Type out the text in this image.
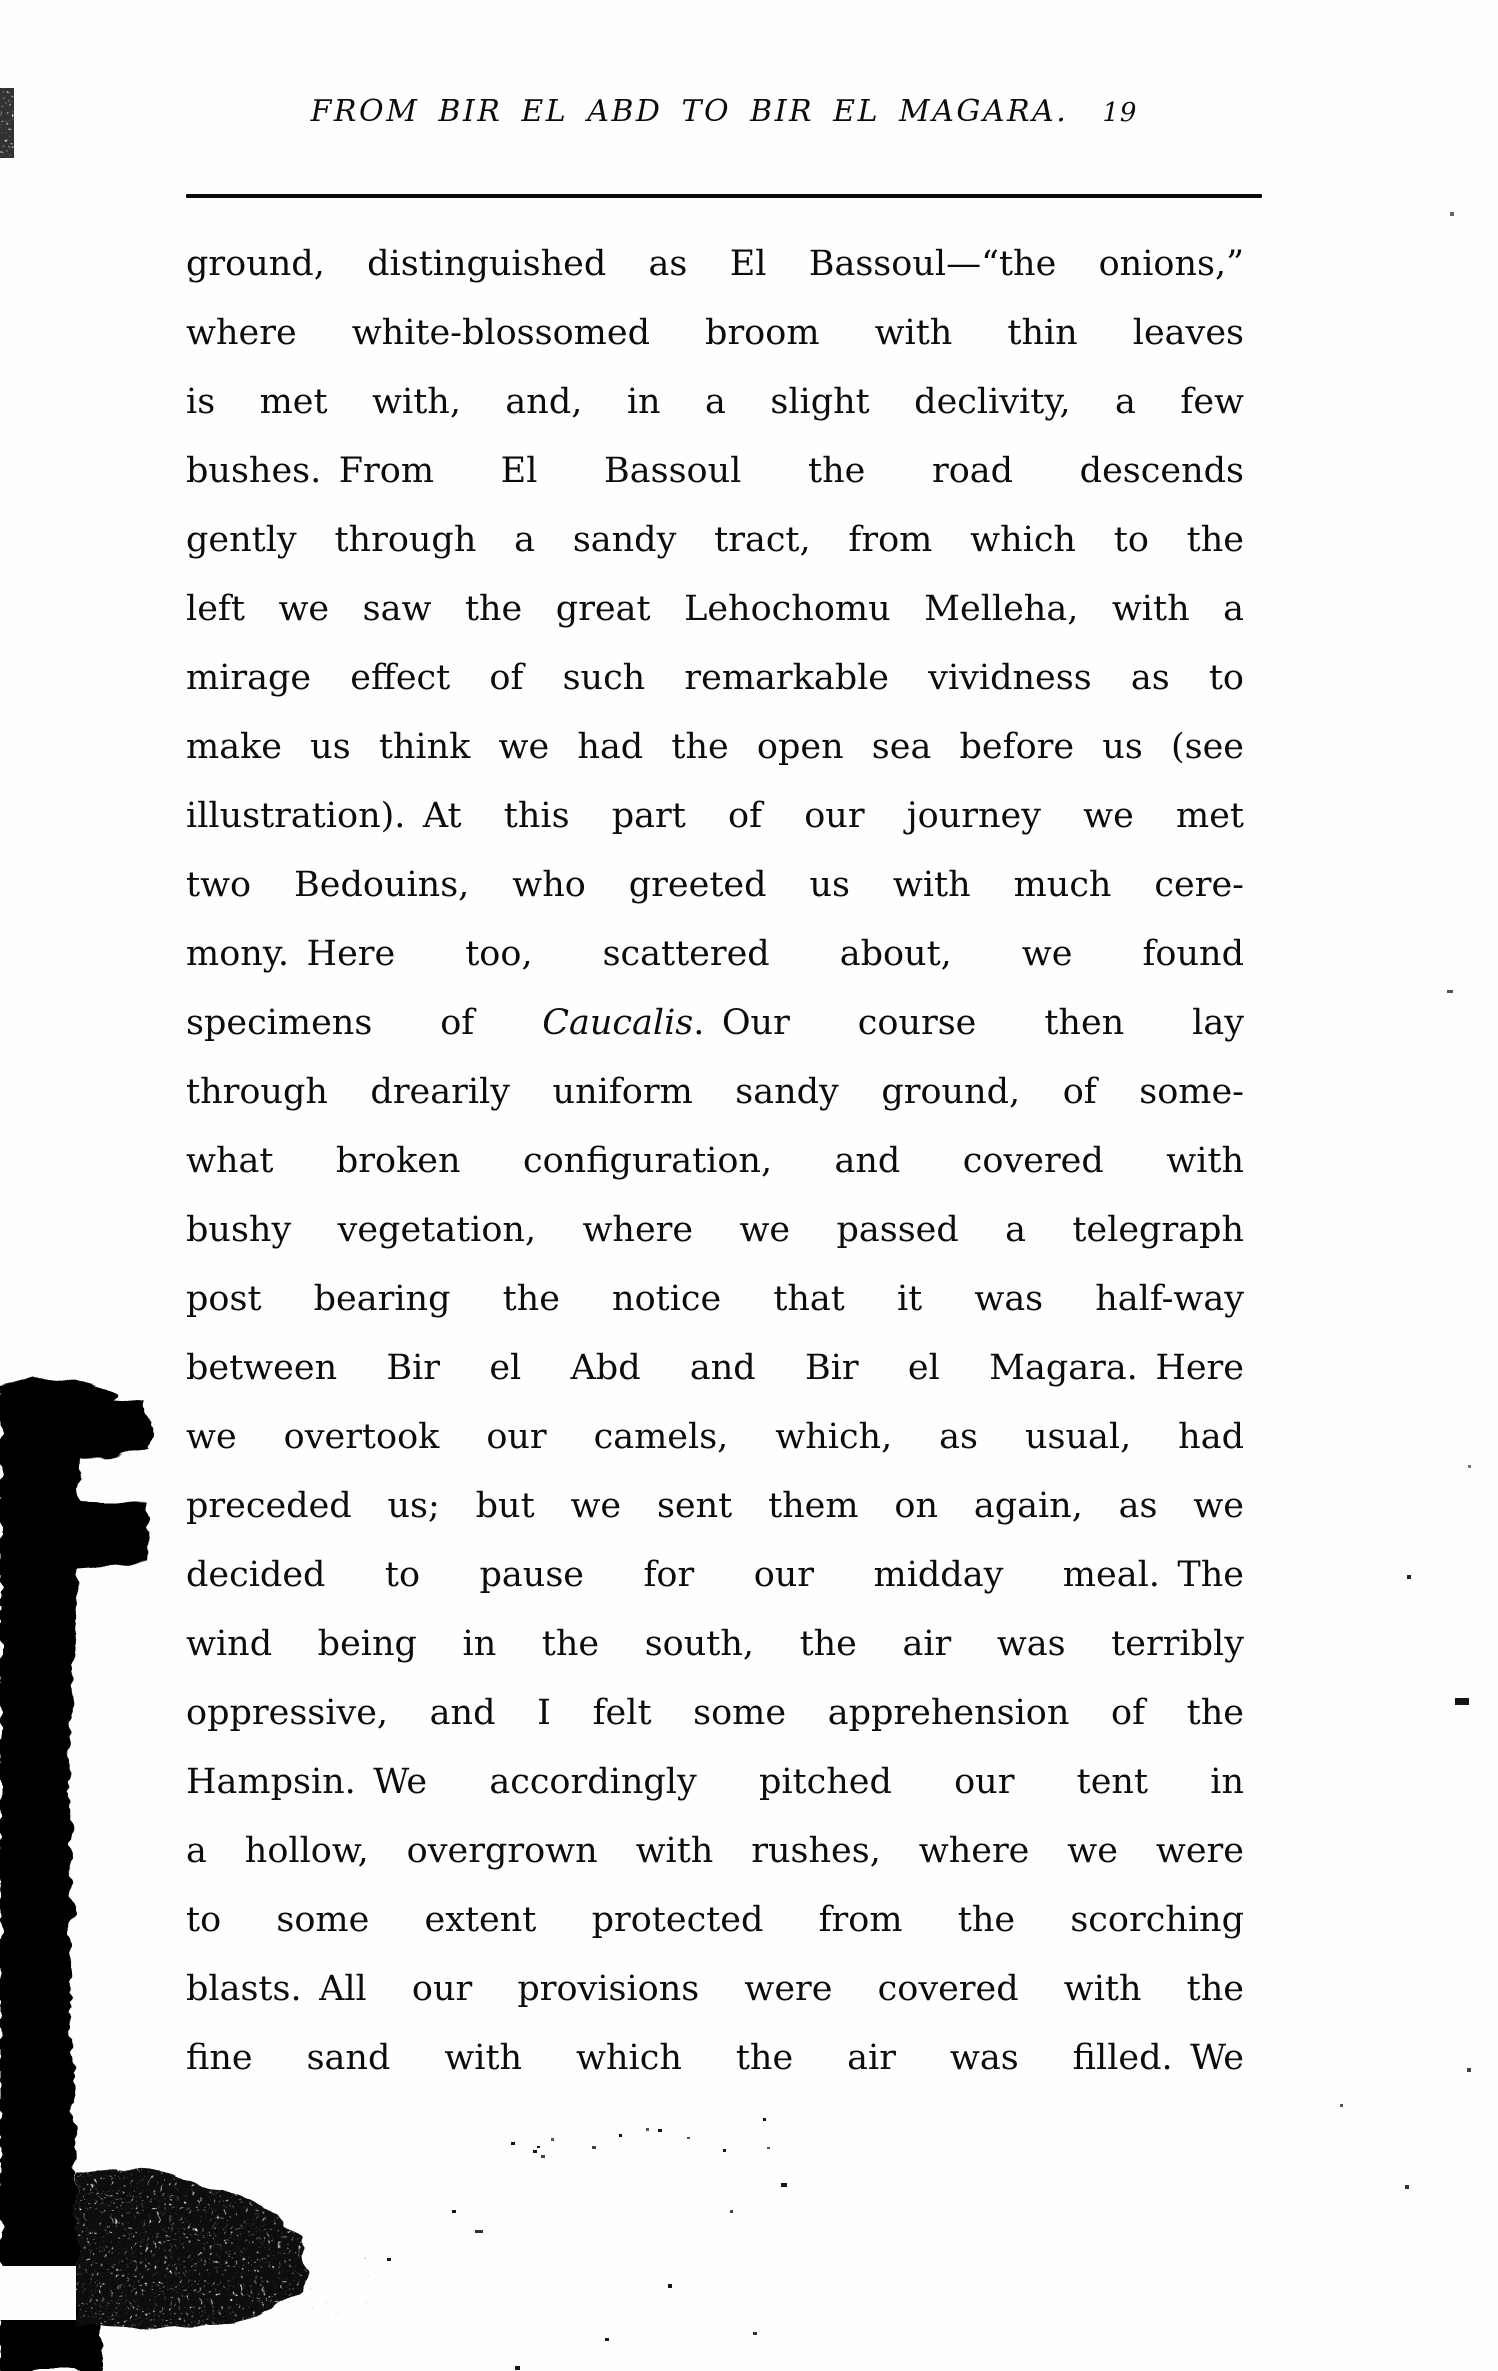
FROM BIR EL ABD TO BIR EL MAGARA. 19
ground, distinguished as El Bassoul—“the onions,”
where white-blossomed broom with thin leaves
is met with, and, in a slight declivity, a few
bushes. From El Bassoul the road descends
gently through a sandy tract, from which to the
left we saw the great Lehochomu Melleha, with a
mirage effect of such remarkable vividness as to
make us think we had the open sea before us (see
illustration). At this part of our journey we met
two Bedouins, who greeted us with much cere-
mony. Here too, scattered about, we found
specimens of Caucalis. Our course then lay
through drearily uniform sandy ground, of some-
what broken configuration, and covered with
bushy vegetation, where we passed a telegraph
post bearing the notice that it was half-way
between Bir el Abd and Bir el Magara. Here
we overtook our camels, which, as usual, had
preceded us; but we sent them on again, as we
decided to pause for our midday meal. The
wind being in the south, the air was terribly
oppressive, and I felt some apprehension of the
Hampsin. We accordingly pitched our tent in
a hollow, overgrown with rushes, where we were
to some extent protected from the scorching
blasts. All our provisions were covered with the
fine sand with which the air was filled. We
